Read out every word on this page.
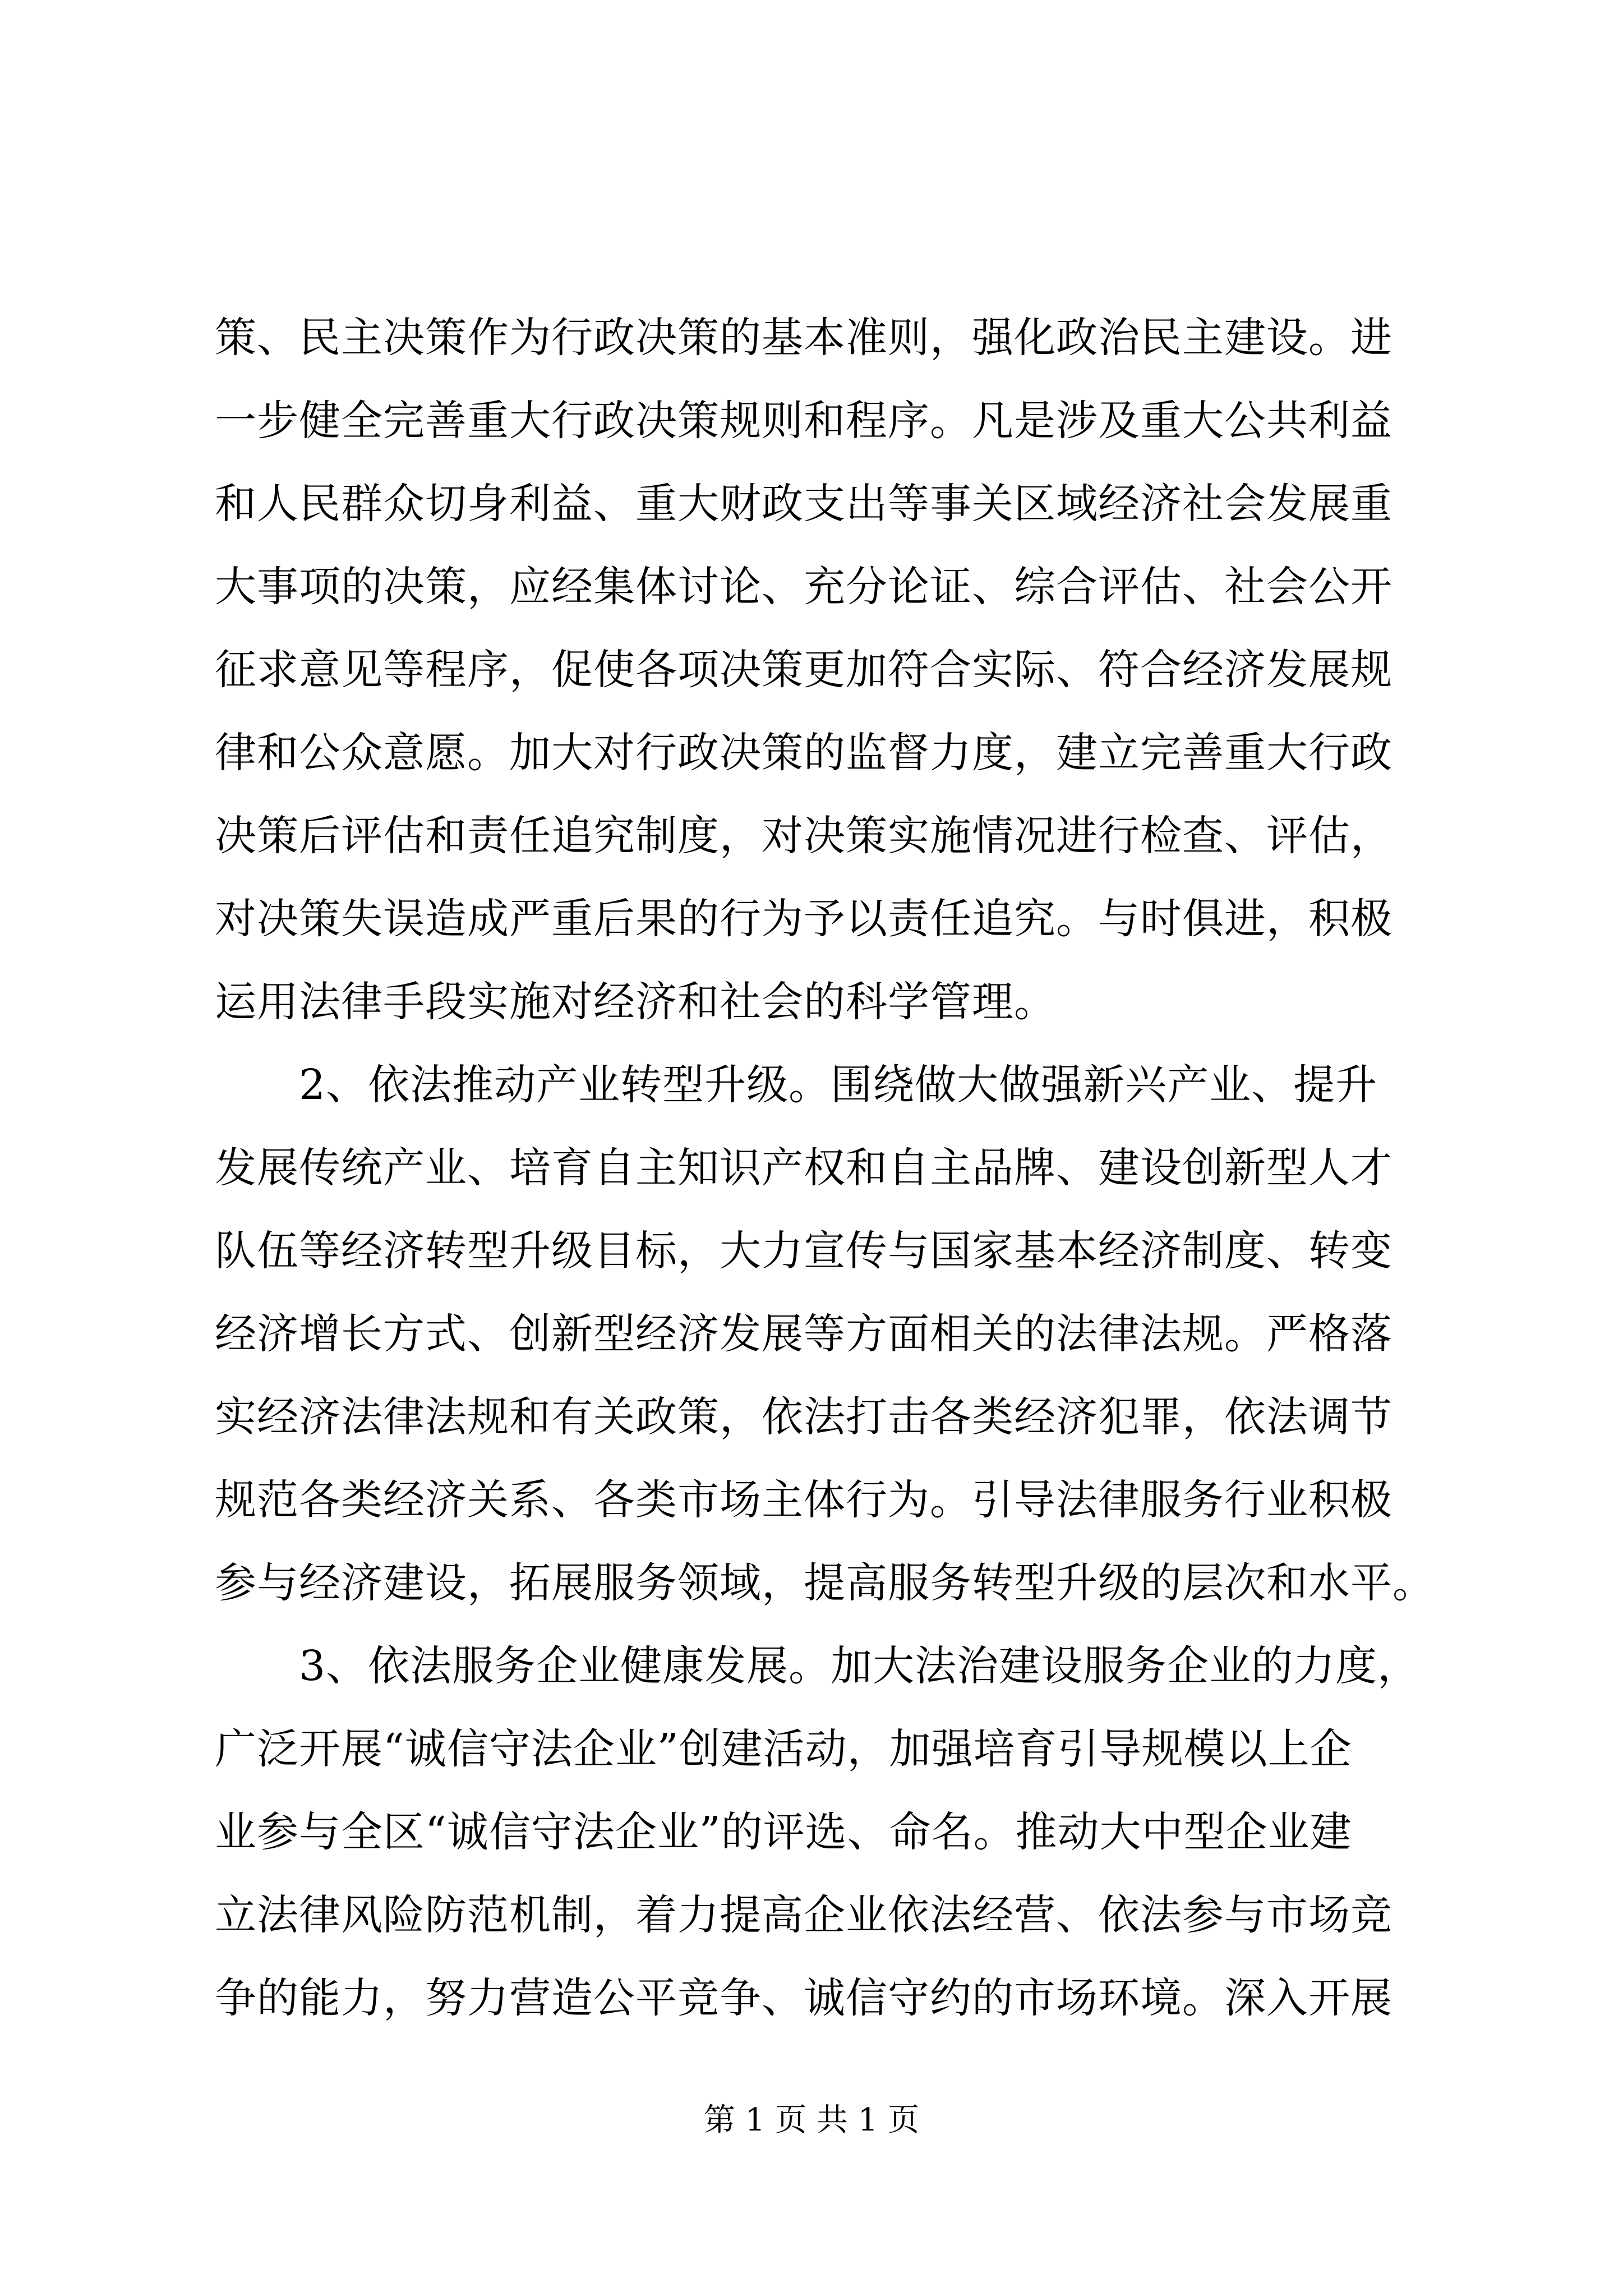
策、民主决策作为行政决策的基本准则，强化政治民主建设。进
一步健全完善重大行政决策规则和程序。凡是涉及重大公共利益
和人民群众切身利益、重大财政支出等事关区域经济社会发展重
大事项的决策，应经集体讨论、充分论证、综合评估、社会公开
征求意见等程序，促使各项决策更加符合实际、符合经济发展规
律和公众意愿。加大对行政决策的监督力度，建立完善重大行政
决策后评估和责任追究制度，对决策实施情况进行检查、评估，
对决策失误造成严重后果的行为予以责任追究。与时俱进，积极
运用法律手段实施对经济和社会的科学管理。
　　2、依法推动产业转型升级。围绕做大做强新兴产业、提升
发展传统产业、培育自主知识产权和自主品牌、建设创新型人才
队伍等经济转型升级目标，大力宣传与国家基本经济制度、转变
经济增长方式、创新型经济发展等方面相关的法律法规。严格落
实经济法律法规和有关政策，依法打击各类经济犯罪，依法调节
规范各类经济关系、各类市场主体行为。引导法律服务行业积极
参与经济建设，拓展服务领域，提高服务转型升级的层次和水平。
　　3、依法服务企业健康发展。加大法治建设服务企业的力度，
广泛开展“诚信守法企业”创建活动，加强培育引导规模以上企
业参与全区“诚信守法企业”的评选、命名。推动大中型企业建
立法律风险防范机制，着力提高企业依法经营、依法参与市场竞
争的能力，努力营造公平竞争、诚信守约的市场环境。深入开展
第 1 页 共 1 页
